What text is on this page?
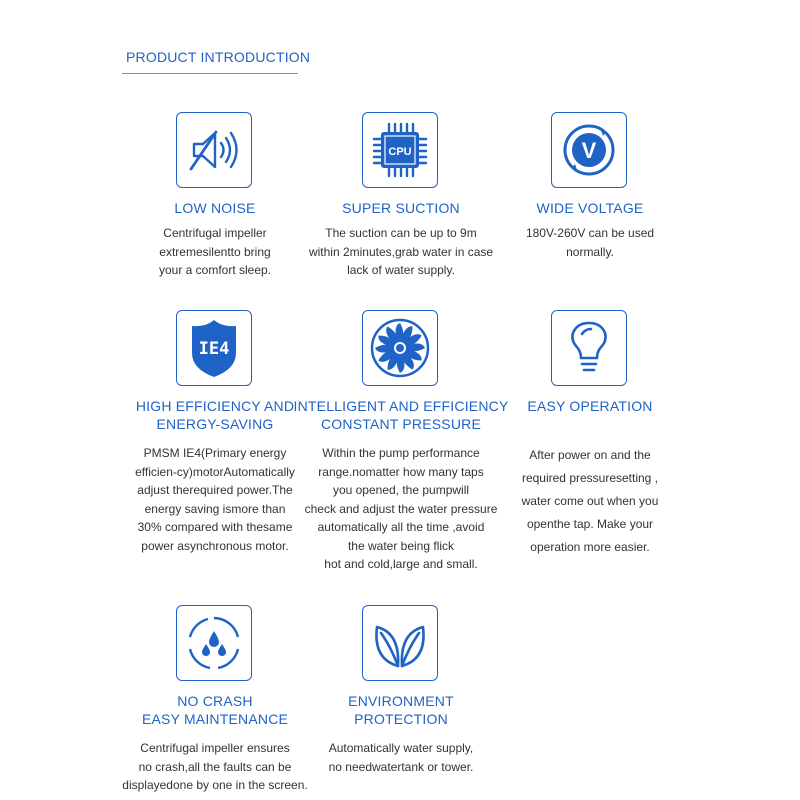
PRODUCT INTRODUCTION
LOW NOISE
Centrifugal impeller
extremesilentto bring
your a comfort sleep.
CPU
SUPER SUCTION
The suction can be up to 9m
within 2minutes,grab water in case
lack of water supply.
V
WIDE VOLTAGE
180V-260V can be used
normally.
IE4
HIGH EFFICIENCY AND
ENERGY-SAVING
PMSM IE4(Primary energy
efficien-cy)motorAutomatically
adjust therequired power.The
energy saving ismore than
30% compared with thesame
power asynchronous motor.
INTELLIGENT AND EFFICIENCY
CONSTANT PRESSURE
Within the pump performance
range.nomatter how many taps
you opened, the pumpwill
check and adjust the water pressure
automatically all the time ,avoid
the water being flick
hot and cold,large and small.
EASY OPERATION
After power on and the
required pressuresetting ,
water come out when you
openthe tap. Make your
operation more easier.
NO CRASH
EASY MAINTENANCE
Centrifugal impeller ensures
no crash,all the faults can be
displayedone by one in the screen.
ENVIRONMENT
PROTECTION
Automatically water supply,
no needwatertank or tower.
